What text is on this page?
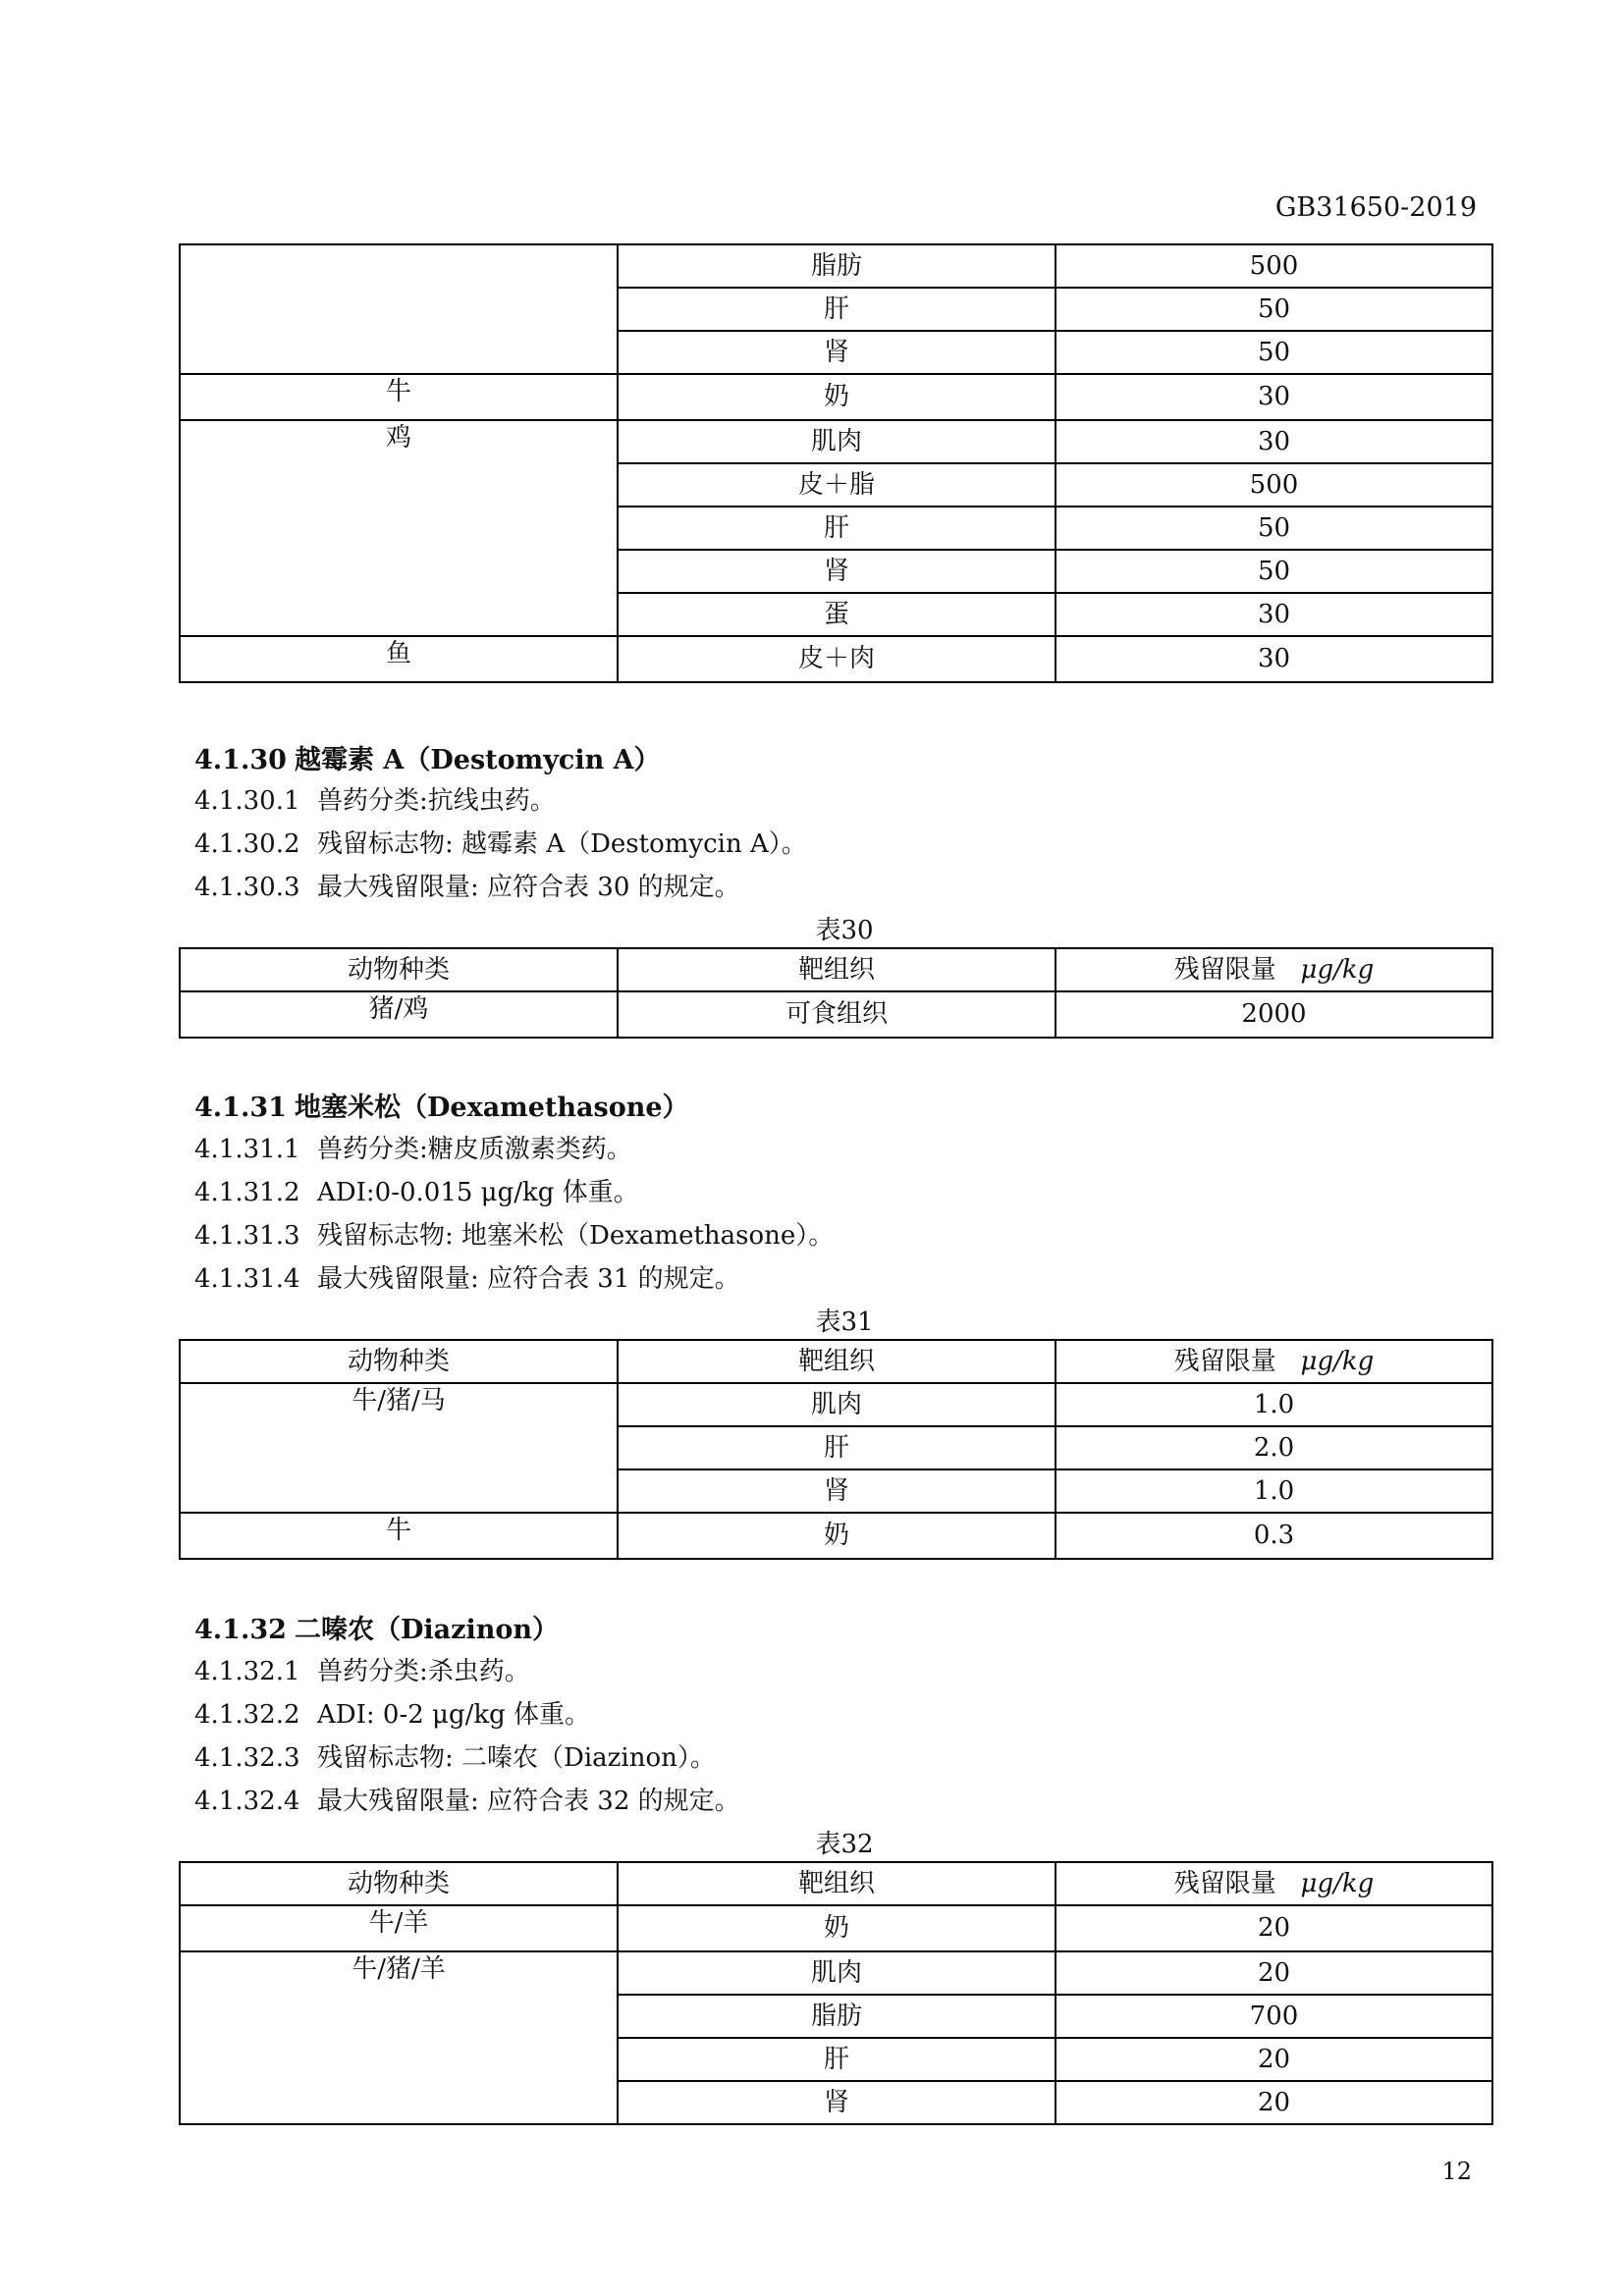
GB31650-2019
	脂肪	500
	肝	50
	肾	50
牛	奶	30
鸡	肌肉	30
	皮＋脂	500
	肝	50
	肾	50
	蛋	30
鱼	皮＋肉	30
4.1.30 越霉素 A（Destomycin A）
4.1.30.1 兽药分类:抗线虫药。
4.1.30.2 残留标志物: 越霉素 A（Destomycin A）。
4.1.30.3 最大残留限量: 应符合表 30 的规定。
表30
动物种类	靶组织	残留限量 μg/kg
猪/鸡	可食组织	2000
4.1.31 地塞米松（Dexamethasone）
4.1.31.1 兽药分类:糖皮质激素类药。
4.1.31.2 ADI:0-0.015 μg/kg 体重。
4.1.31.3 残留标志物: 地塞米松（Dexamethasone）。
4.1.31.4 最大残留限量: 应符合表 31 的规定。
表31
动物种类	靶组织	残留限量 μg/kg
牛/猪/马	肌肉	1.0
	肝	2.0
	肾	1.0
牛	奶	0.3
4.1.32 二嗪农（Diazinon）
4.1.32.1 兽药分类:杀虫药。
4.1.32.2 ADI: 0-2 μg/kg 体重。
4.1.32.3 残留标志物: 二嗪农（Diazinon）。
4.1.32.4 最大残留限量: 应符合表 32 的规定。
表32
动物种类	靶组织	残留限量 μg/kg
牛/羊	奶	20
牛/猪/羊	肌肉	20
	脂肪	700
	肝	20
	肾	20
12
